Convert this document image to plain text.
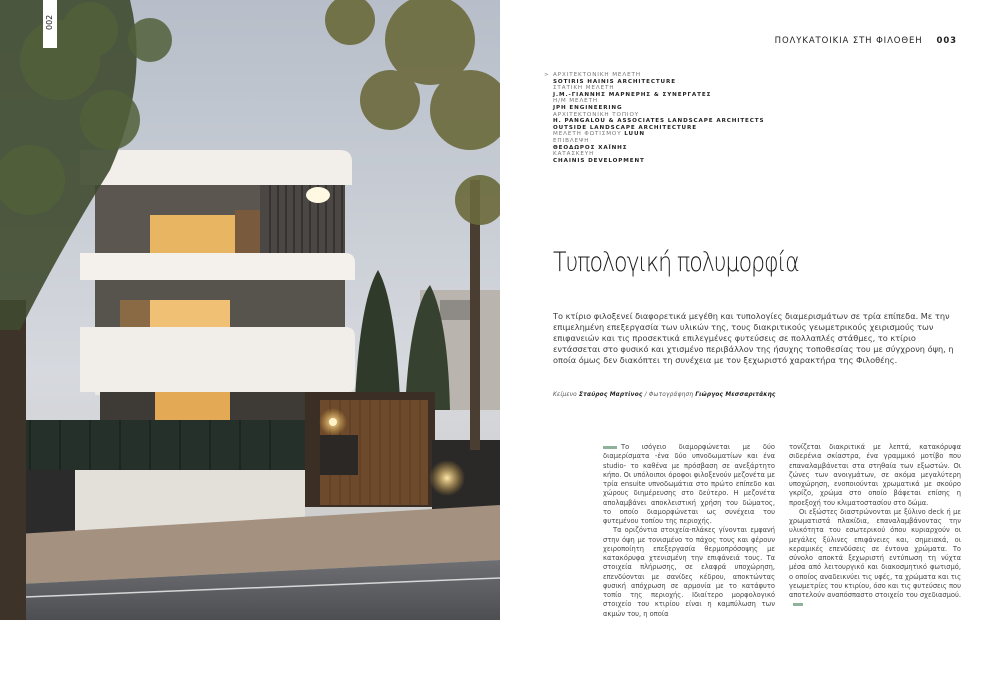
002
ΠΟΛΥΚΑΤΟΙΚΙΑ ΣΤΗ ΦΙΛΟΘΕΗ 003
> ΑΡΧΙΤΕΚΤΟΝΙΚΗ ΜΕΛΕΤΗ
SOTIRIS HAINIS ARCHITECTURE
ΣΤΑΤΙΚΗ ΜΕΛΕΤΗ
J.M.-ΓΙΑΝΝΗΣ ΜΑΡΝΕΡΗΣ & ΣΥΝΕΡΓΑΤΕΣ
Η/Μ ΜΕΛΕΤΗ
JPH ENGINEERING
ΑΡΧΙΤΕΚΤΟΝΙΚΗ ΤΟΠΙΟΥ
H. PANGALOU & ASSOCIATES LANDSCAPE ARCHITECTS
OUTSIDE LANDSCAPE ARCHITECTURE
ΜΕΛΕΤΗ ΦΩΤΙΣΜΟΥ LUUN
ΕΠΙΒΛΕΨΗ
ΘΕΟΔΩΡΟΣ ΧΑΪΝΗΣ
ΚΑΤΑΣΚΕΥΗ
CHAINIS DEVELOPMENT
Τυπολογική πολυμορφία
Το κτίριο φιλοξενεί διαφορετικά μεγέθη και τυπολογίες διαμερισμάτων σε τρία επίπεδα. Με την επιμελημένη επεξεργασία των υλικών της, τους διακριτικούς γεωμετρικούς χειρισμούς των επιφανειών και τις προσεκτικά επιλεγμένες φυτεύσεις σε πολλαπλές στάθμες, το κτίριο εντάσσεται στο φυσικό και χτισμένο περιβάλλον της ήσυχης τοποθεσίας του με σύγχρονη όψη, η οποία όμως δεν διακόπτει τη συνέχεια με τον ξεχωριστό χαρακτήρα της Φιλοθέης.
Κείμενο Σταύρος Μαρτίνος / Φωτογράφηση Γιώργος Μεσσαριτάκης

Το ισόγειο διαμορφώνεται με δύο διαμερίσματα -ένα δύο υπνοδωματίων και ένα studio- το καθένα με πρόσβαση σε ανεξάρτητο κήπο. Οι υπόλοιποι όροφοι φιλοξενούν μεζονέτα με τρία ensuite υπνοδωμάτια στο πρώτο επίπεδο και χώρους διημέρευσης στο δεύτερο. Η μεζονέτα απολαμβάνει αποκλειστική χρήση του δώματος, το οποίο διαμορφώνεται ως συνέχεια του φυτεμένου τοπίου της περιοχής.

Τα οριζόντια στοιχεία-πλάκες γίνονται εμφανή στην όψη με τονισμένο το πάχος τους και φέρουν χειροποίητη επεξεργασία θερμοπρόσοψης με κατακόρυφα χτενισμένη την επιφάνειά τους. Τα στοιχεία πλήρωσης, σε ελαφρά υποχώρηση, επενδύονται με σανίδες κέδρου, αποκτώντας φυσική απόχρωση σε αρμονία με το κατάφυτο τοπίο της περιοχής. Ιδιαίτερο μορφολογικό στοιχείο του κτιρίου είναι η καμπύλωση των ακμών του, η οποία

τονίζεται διακριτικά με λεπτά, κατακόρυφα σιδερένια σκίαστρα, ένα γραμμικό μοτίβο που επαναλαμβάνεται στα στηθαία των εξωστών. Οι ζώνες των ανοιγμάτων, σε ακόμα μεγαλύτερη υποχώρηση, ενοποιούνται χρωματικά με σκούρο γκρίζο, χρώμα στο οποίο βάφεται επίσης η προεξοχή του κλιματοστασίου στο δώμα.

Οι εξώστες διαστρώνονται με ξύλινο deck ή με χρωματιστά πλακίδια, επαναλαμβάνοντας την υλικότητα του εσωτερικού όπου κυριαρχούν οι μεγάλες ξύλινες επιφάνειες και, σημειακά, οι κεραμικές επενδύσεις σε έντονα χρώματα. Το σύνολο αποκτά ξεχωριστή εντύπωση τη νύχτα μέσα από λειτουργικό και διακοσμητικό φωτισμό, ο οποίος αναδεικνύει τις υφές, τα χρώματα και τις γεωμετρίες του κτιρίου, όσο και τις φυτεύσεις που αποτελούν αναπόσπαστο στοιχείο του σχεδιασμού.
